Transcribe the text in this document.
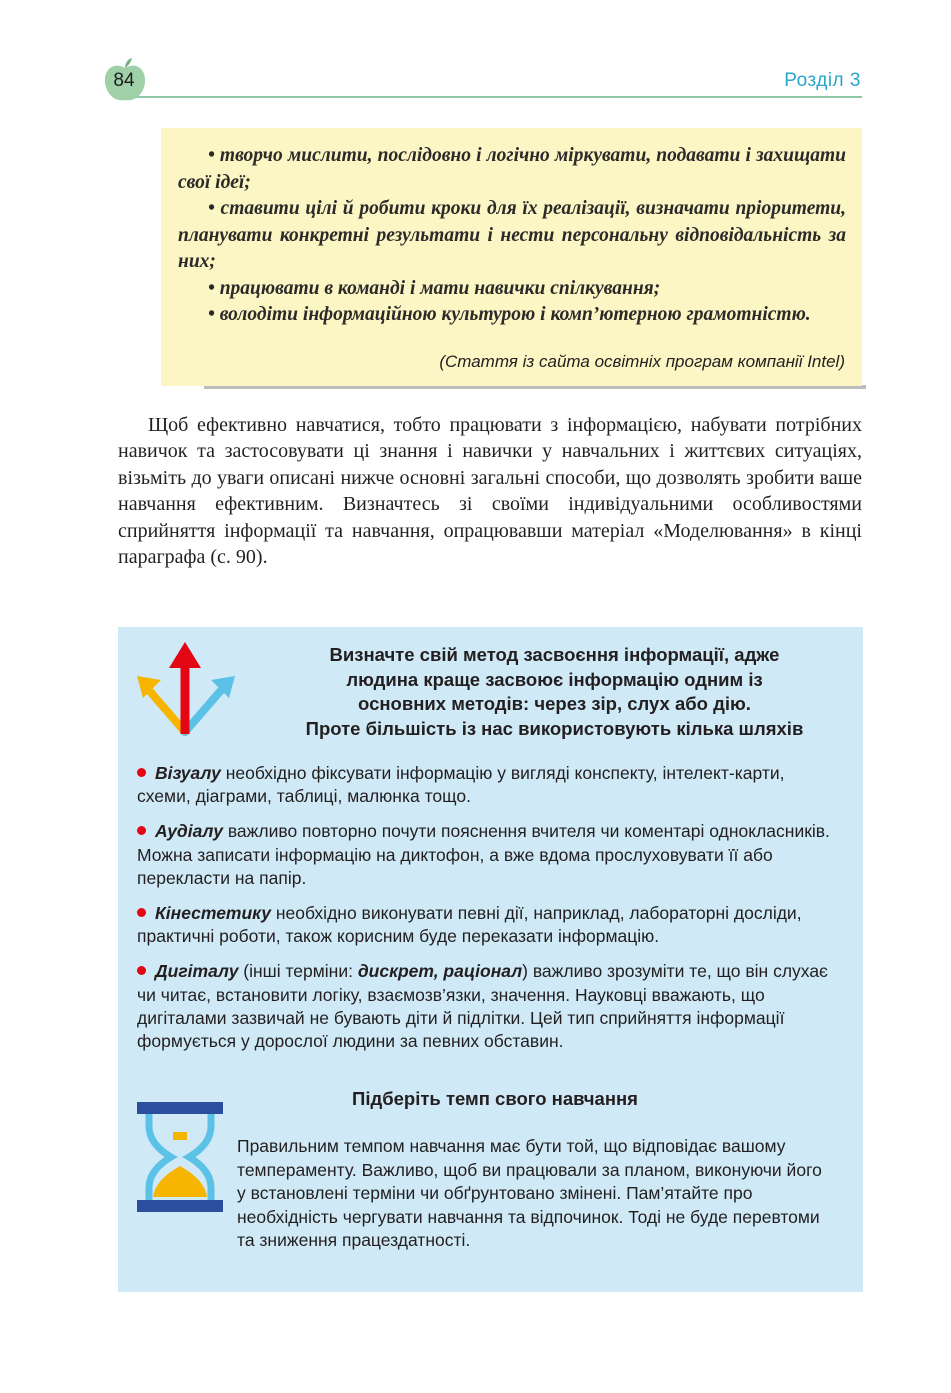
84	Розділ 3

• творчо мислити, послідовно і логічно міркувати, подавати і захищати свої ідеї;

• ставити цілі й робити кроки для їх реалізації, визначати пріоритети, планувати конкретні результати і нести персональну відповідальність за них;

• працювати в команді і мати навички спілкування;

• володіти інформаційною культурою і комп’ютерною грамотністю.

(Стаття із сайта освітніх програм компанії Intel)

Щоб ефективно навчатися, тобто працювати з інформацією, набувати потрібних навичок та застосовувати ці знання і навички у навчальних і життєвих ситуаціях, візьміть до уваги описані нижче основні загальні способи, що дозволять зробити ваше навчання ефективним. Визначтесь зі своїми індивідуальними особливостями сприйняття інформації та навчання, опрацювавши матеріал «Моделювання» в кінці параграфа (с. 90).

Визначте свій метод засвоєння інформації, адже
людина краще засвоює інформацію одним із
основних методів: через зір, слух або дію.
Проте більшість із нас використовують кілька шляхів

Візуалу необхідно фіксувати інформацію у вигляді конспекту, інтелект-карти, схеми, діаграми, таблиці, малюнка тощо.

Аудіалу важливо повторно почути пояснення вчителя чи коментарі однокласників. Можна записати інформацію на диктофон, а вже вдома прослуховувати її або перекласти на папір.

Кінестетику необхідно виконувати певні дії, наприклад, лабораторні досліди, практичні роботи, також корисним буде переказати інформацію.

Дигіталу (інші терміни: дискрет, раціонал) важливо зрозуміти те, що він слухає чи читає, встановити логіку, взаємозв’язки, значення. Науковці вважають, що дигіталами зазвичай не бувають діти й підлітки. Цей тип сприйняття інформації формується у дорослої людини за певних обставин.

Підберіть темп свого навчання

Правильним темпом навчання має бути той, що відповідає вашому темпераменту. Важливо, щоб ви працювали за планом, виконуючи його у встановлені терміни чи обґрунтовано змінені. Пам’ятайте про необхідність чергувати навчання та відпочинок. Тоді не буде перевтоми та зниження працездатності.
